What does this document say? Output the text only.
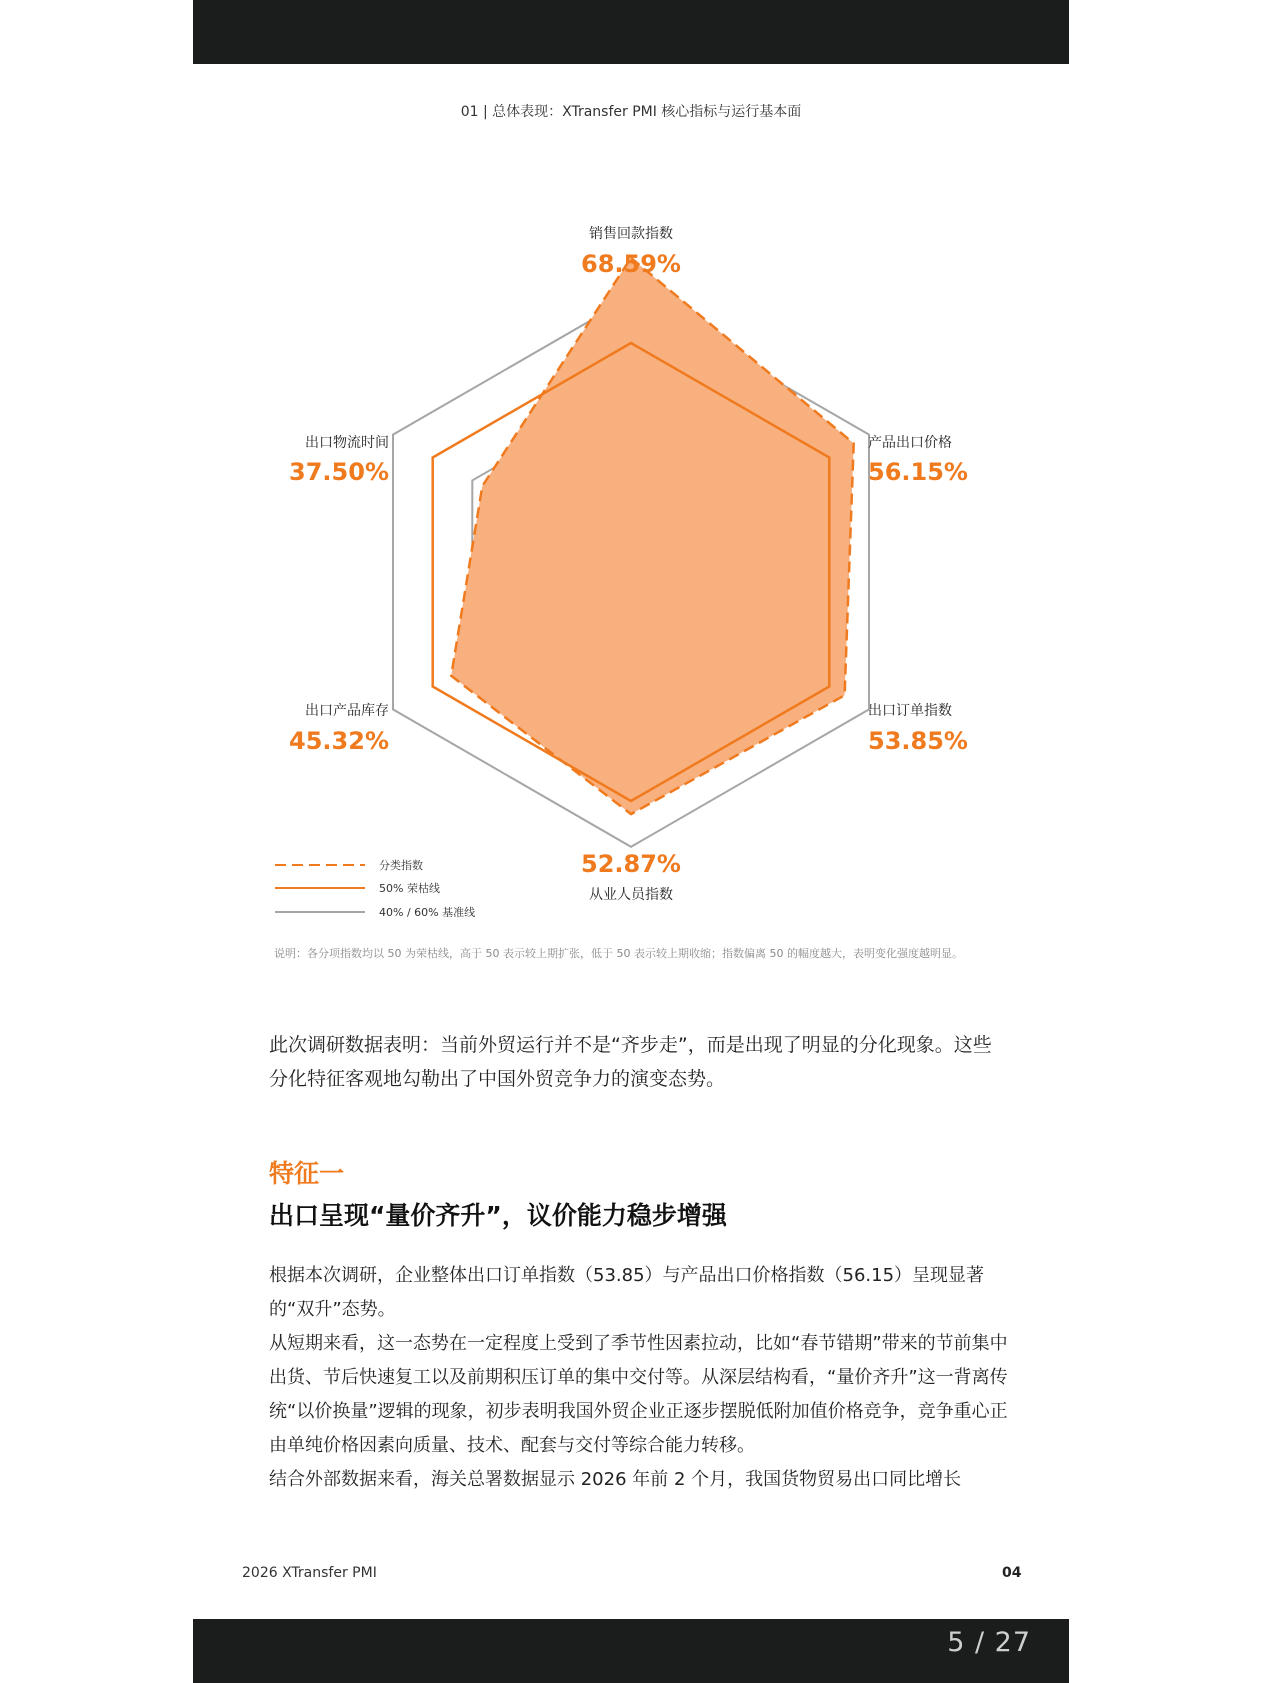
01 | 总体表现：XTransfer PMI 核心指标与运行基本面
销售回款指数
68.59%
产品出口价格
56.15%
出口订单指数
53.85%
从业人员指数
52.87%
出口产品库存
45.32%
出口物流时间
37.50%
分类指数
50% 荣枯线
40% / 60% 基准线
说明：各分项指数均以 50 为荣枯线，高于 50 表示较上期扩张，低于 50 表示较上期收缩；指数偏离 50 的幅度越大，表明变化强度越明显。
此次调研数据表明：当前外贸运行并不是“齐步走”，而是出现了明显的分化现象。这些分化特征客观地勾勒出了中国外贸竞争力的演变态势。
特征一
出口呈现“量价齐升”，议价能力稳步增强

根据本次调研，企业整体出口订单指数（53.85）与产品出口价格指数（56.15）呈现显著的“双升”态势。

从短期来看，这一态势在一定程度上受到了季节性因素拉动，比如“春节错期”带来的节前集中出货、节后快速复工以及前期积压订单的集中交付等。从深层结构看，“量价齐升”这一背离传统“以价换量”逻辑的现象，初步表明我国外贸企业正逐步摆脱低附加值价格竞争，竞争重心正由单纯价格因素向质量、技术、配套与交付等综合能力转移。

结合外部数据来看，海关总署数据显示 2026 年前 2 个月，我国货物贸易出口同比增长

2026 XTransfer PMI	04
5 / 27
